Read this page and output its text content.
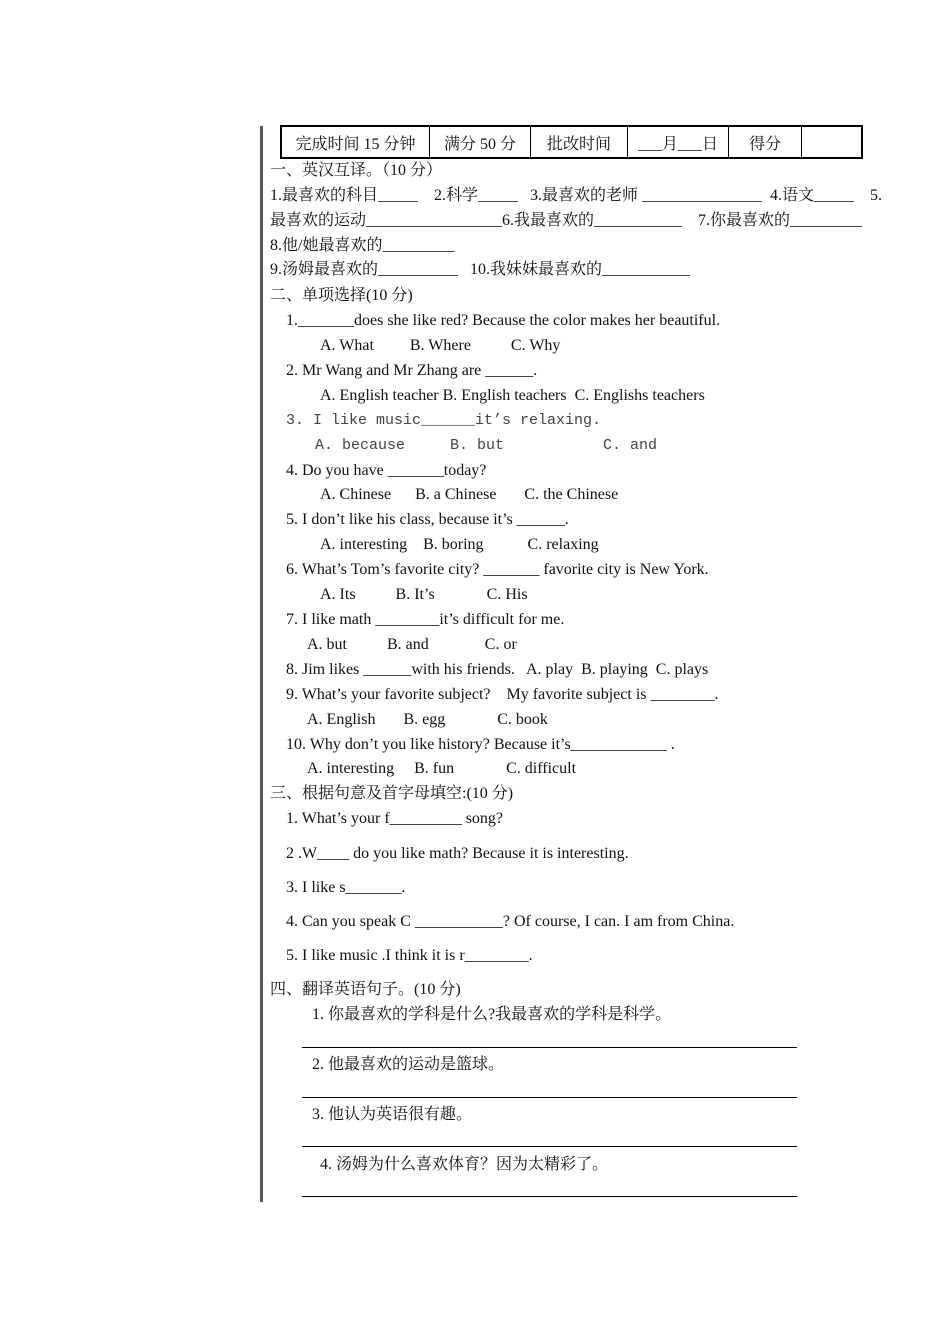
完成时间 15 分钟	满分 50 分	批改时间	___月___日	得分
一、英汉互译。（10 分）
1.最喜欢的科目_____    2.科学_____   3.最喜欢的老师 _______________  4.语文_____    5.
最喜欢的运动_________________6.我最喜欢的___________    7.你最喜欢的_________
8.他/她最喜欢的_________
9.汤姆最喜欢的__________   10.我妹妹最喜欢的___________
二、单项选择(10 分)
1._______does she like red? Because the color makes her beautiful.
A. What         B. Where          C. Why
2. Mr Wang and Mr Zhang are ______.
A. English teacher B. English teachers  C. Englishs teachers
3. I like music______it’s relaxing.
A. because     B. but           C. and
4. Do you have _______today?
A. Chinese      B. a Chinese       C. the Chinese
5. I don’t like his class, because it’s ______.
A. interesting    B. boring           C. relaxing
6. What’s Tom’s favorite city? _______ favorite city is New York.
A. Its          B. It’s             C. His
7. I like math ________it’s difficult for me.
A. but          B. and              C. or
8. Jim likes ______with his friends.   A. play  B. playing  C. plays
9. What’s your favorite subject?    My favorite subject is ________.
A. English       B. egg             C. book
10. Why don’t you like history? Because it’s____________ .
A. interesting     B. fun             C. difficult
三、根据句意及首字母填空:(10 分)
1. What’s your f_________ song?
2 .W____ do you like math? Because it is interesting.
3. I like s_______.
4. Can you speak C ___________? Of course, I can. I am from China.
5. I like music .I think it is r________.
四、翻译英语句子。(10 分)
1. 你最喜欢的学科是什么?我最喜欢的学科是科学。
2. 他最喜欢的运动是篮球。
3. 他认为英语很有趣。
4. 汤姆为什么喜欢体育？因为太精彩了。
